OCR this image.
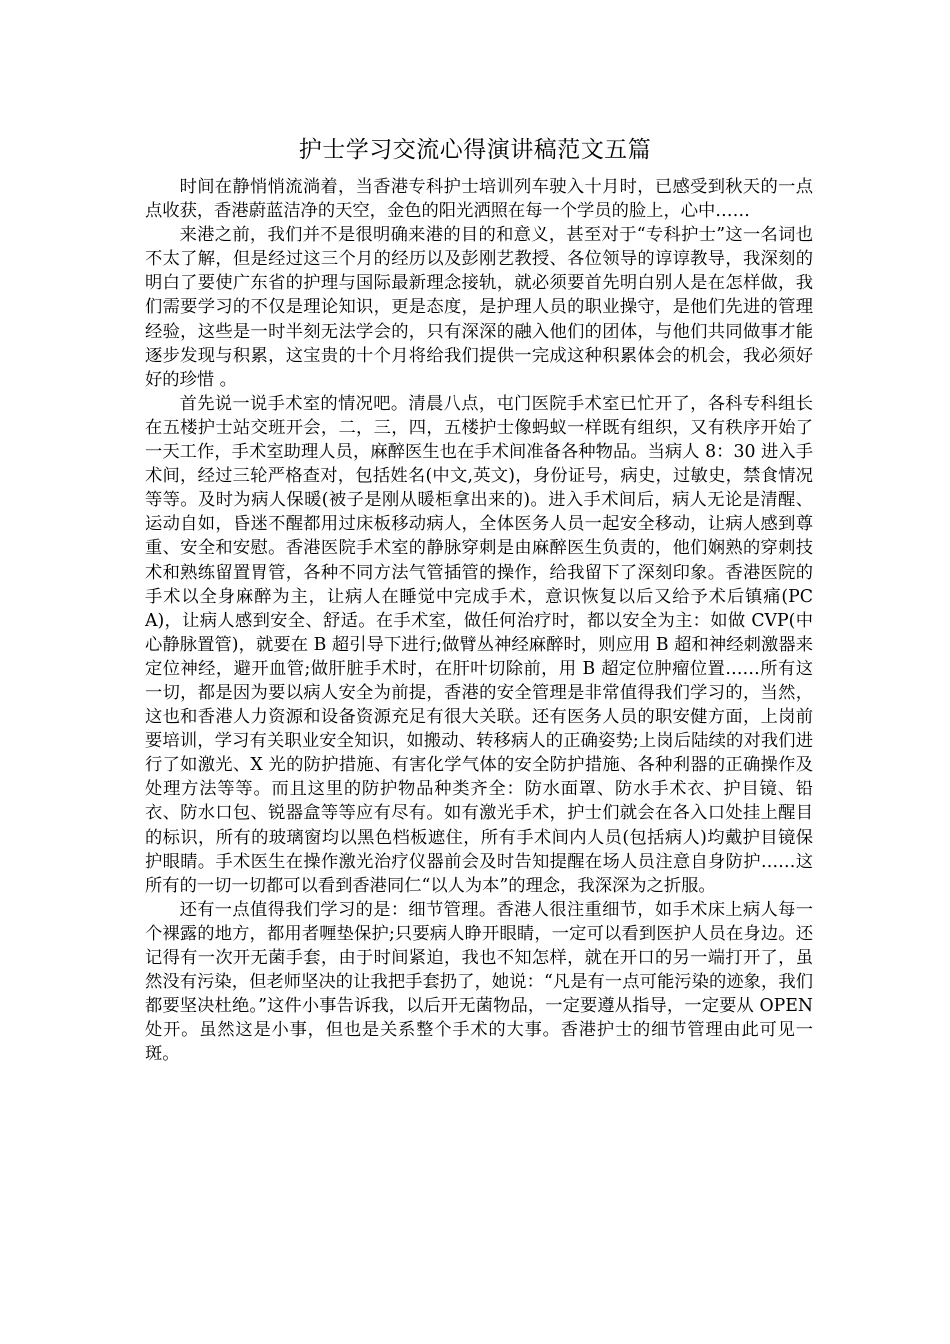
护士学习交流心得演讲稿范文五篇

时间在静悄悄流淌着，当香港专科护士培训列车驶入十月时，已感受到秋天的一点点收获，香港蔚蓝洁净的天空，金色的阳光洒照在每一个学员的脸上，心中……

来港之前，我们并不是很明确来港的目的和意义，甚至对于“专科护士”这一名词也不太了解，但是经过这三个月的经历以及彭刚艺教授、各位领导的谆谆教导，我深刻的明白了要使广东省的护理与国际最新理念接轨，就必须要首先明白别人是在怎样做，我们需要学习的不仅是理论知识，更是态度，是护理人员的职业操守，是他们先进的管理经验，这些是一时半刻无法学会的，只有深深的融入他们的团体，与他们共同做事才能逐步发现与积累，这宝贵的十个月将给我们提供一完成这种积累体会的机会，我必须好好的珍惜 。

首先说一说手术室的情况吧。清晨八点，屯门医院手术室已忙开了，各科专科组长在五楼护士站交班开会，二，三，四，五楼护士像蚂蚁一样既有组织，又有秩序开始了一天工作，手术室助理人员，麻醉医生也在手术间准备各种物品。当病人 8：30 进入手术间，经过三轮严格查对，包括姓名(中文,英文)，身份证号，病史，过敏史，禁食情况等等。及时为病人保暖(被子是刚从暖柜拿出来的)。进入手术间后，病人无论是清醒、运动自如，昏迷不醒都用过床板移动病人，全体医务人员一起安全移动，让病人感到尊重、安全和安慰。香港医院手术室的静脉穿刺是由麻醉医生负责的，他们娴熟的穿刺技术和熟练留置胃管，各种不同方法气管插管的操作，给我留下了深刻印象。香港医院的手术以全身麻醉为主，让病人在睡觉中完成手术，意识恢复以后又给予术后镇痛(PCA)，让病人感到安全、舒适。在手术室，做任何治疗时，都以安全为主：如做 CVP(中心静脉置管)，就要在 B 超引导下进行;做臂丛神经麻醉时，则应用 B 超和神经刺激器来定位神经，避开血管;做肝脏手术时，在肝叶切除前，用 B 超定位肿瘤位置……所有这一切，都是因为要以病人安全为前提，香港的安全管理是非常值得我们学习的，当然，这也和香港人力资源和设备资源充足有很大关联。还有医务人员的职安健方面，上岗前要培训，学习有关职业安全知识，如搬动、转移病人的正确姿势;上岗后陆续的对我们进行了如激光、X 光的防护措施、有害化学气体的安全防护措施、各种利器的正确操作及处理方法等等。而且这里的防护物品种类齐全：防水面罩、防水手术衣、护目镜、铅衣、防水口包、锐器盒等等应有尽有。如有激光手术，护士们就会在各入口处挂上醒目的标识，所有的玻璃窗均以黑色档板遮住，所有手术间内人员(包括病人)均戴护目镜保护眼睛。手术医生在操作激光治疗仪器前会及时告知提醒在场人员注意自身防护……这所有的一切一切都可以看到香港同仁“以人为本”的理念，我深深为之折服。

还有一点值得我们学习的是：细节管理。香港人很注重细节，如手术床上病人每一个裸露的地方，都用者喱垫保护;只要病人睁开眼睛，一定可以看到医护人员在身边。还记得有一次开无菌手套，由于时间紧迫，我也不知怎样，就在开口的另一端打开了，虽然没有污染，但老师坚决的让我把手套扔了，她说：“凡是有一点可能污染的迹象，我们都要坚决杜绝。”这件小事告诉我，以后开无菌物品，一定要遵从指导，一定要从 OPEN 处开。虽然这是小事，但也是关系整个手术的大事。香港护士的细节管理由此可见一斑。
